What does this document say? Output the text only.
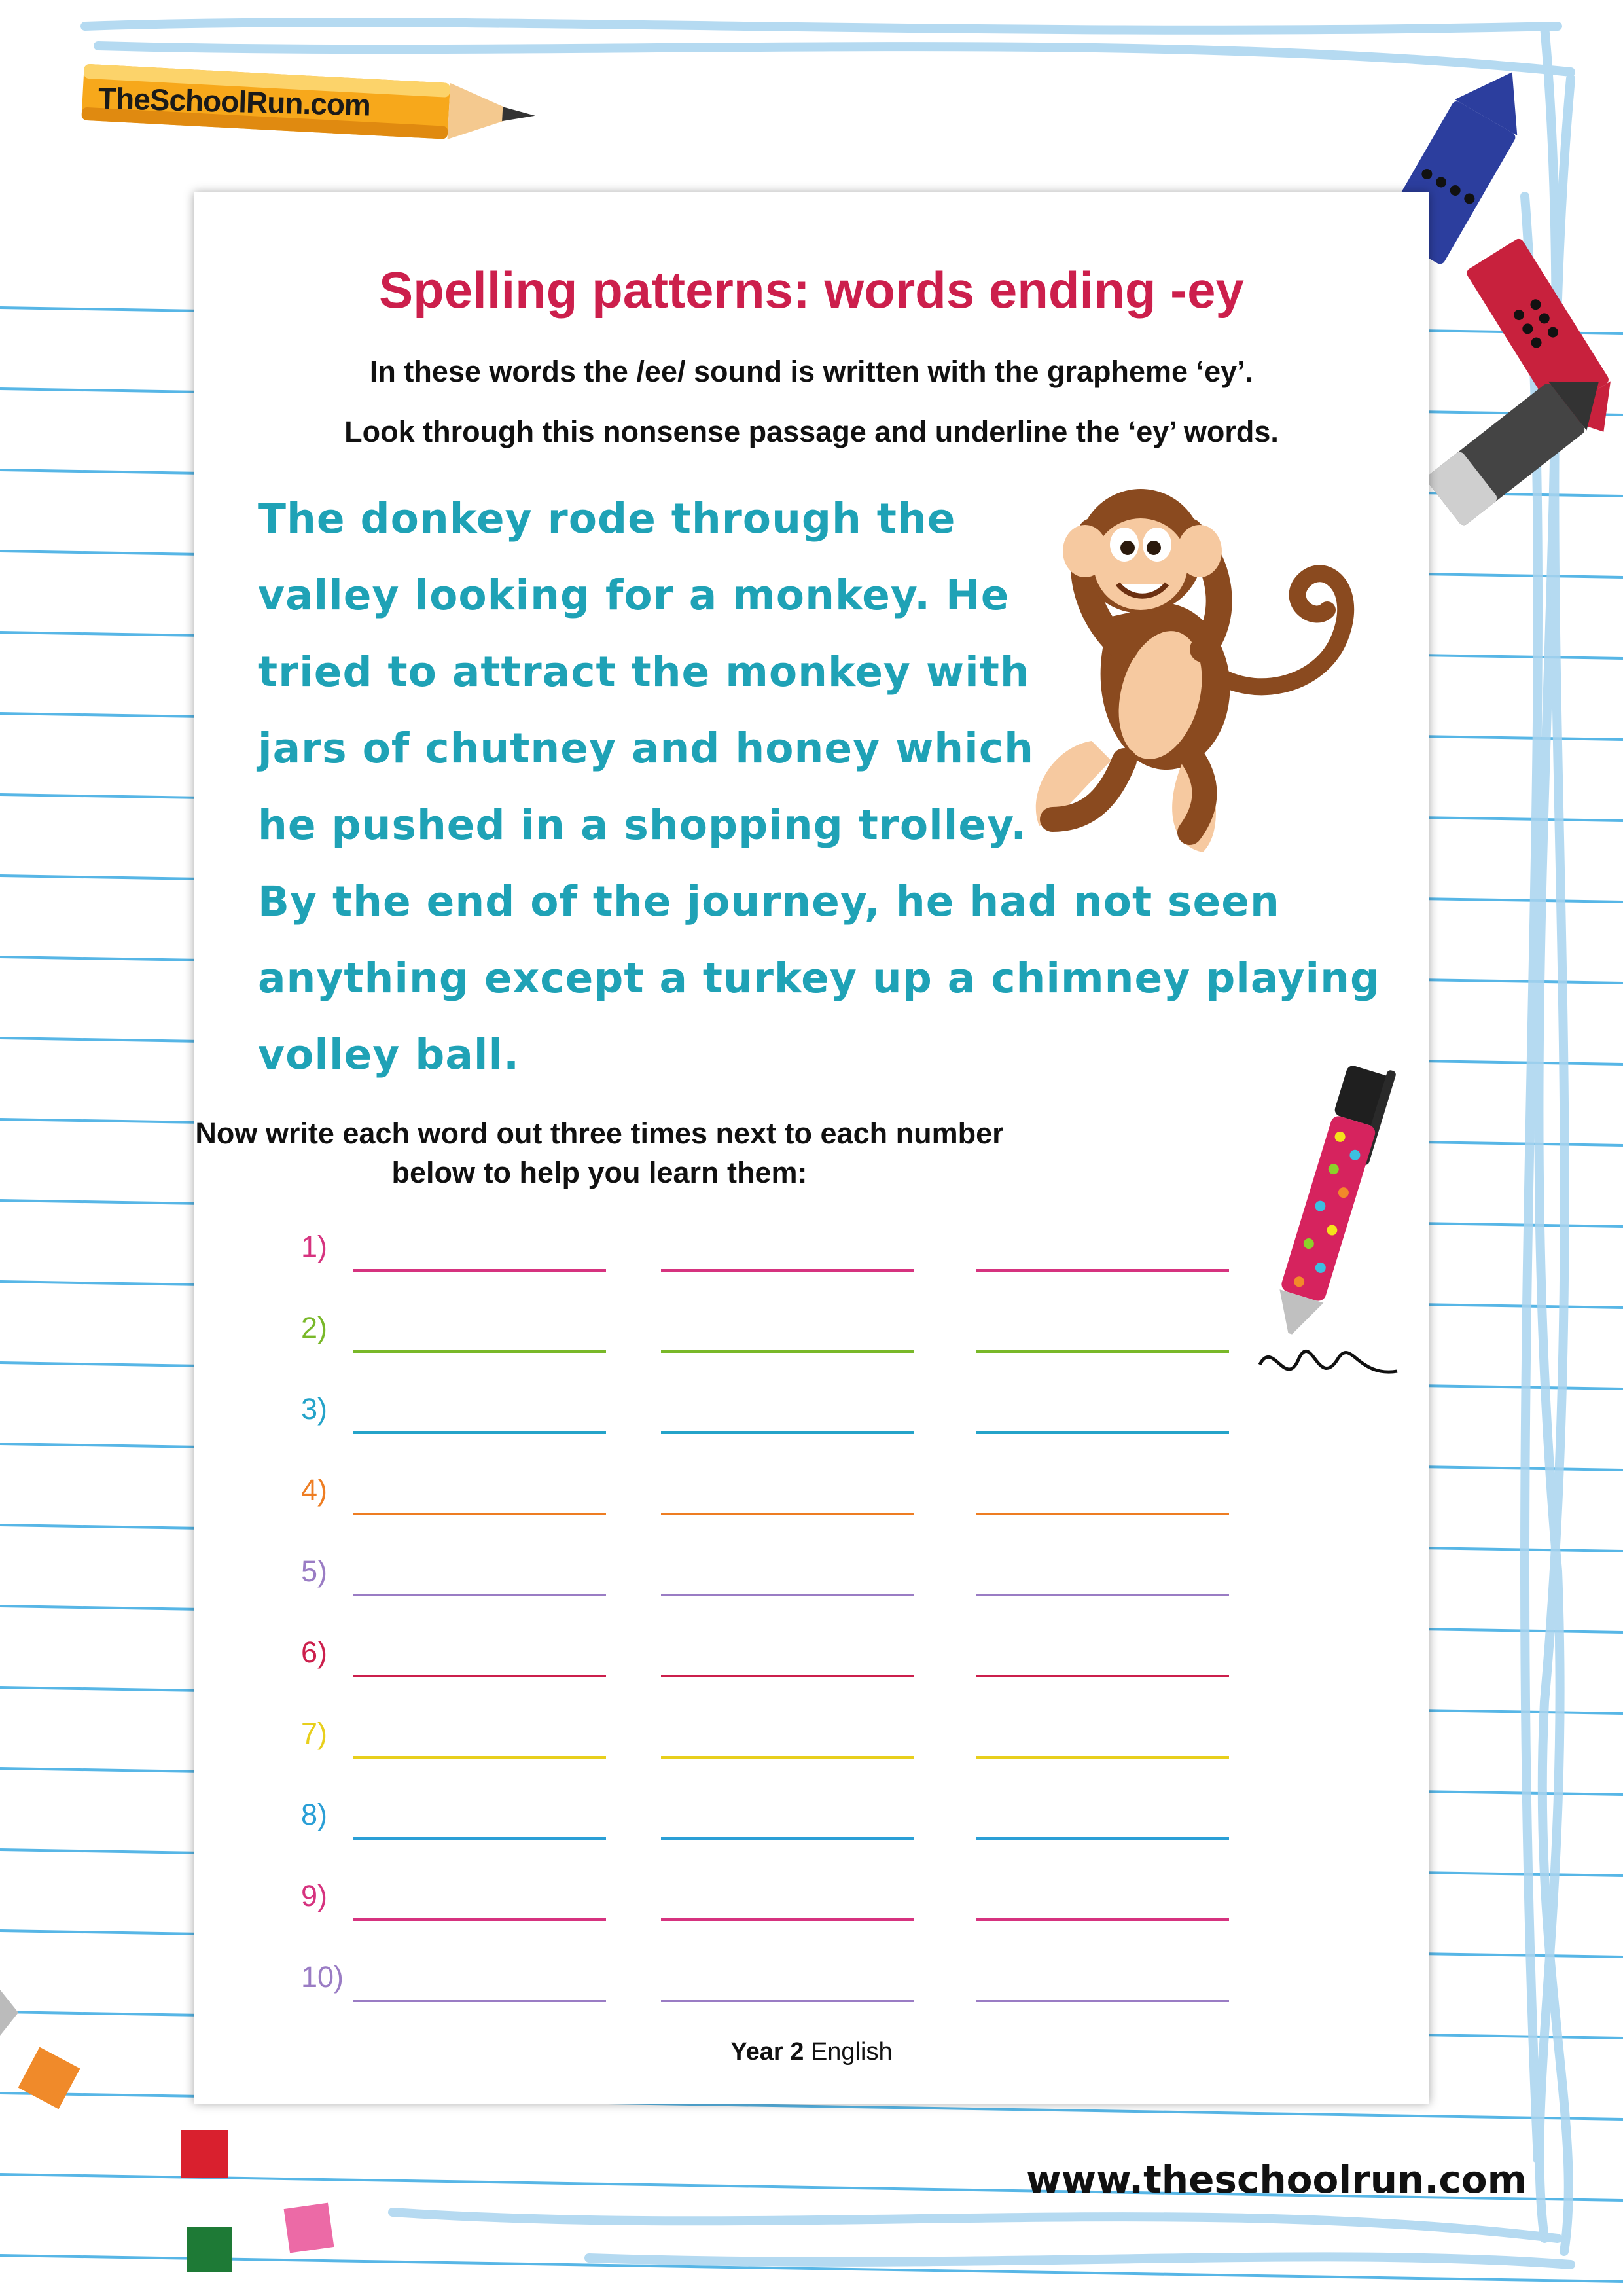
TheSchoolRun.com
Spelling patterns: words ending -ey
In these words the /ee/ sound is written with the grapheme ‘ey’.
Look through this nonsense passage and underline the ‘ey’ words.
The donkey rode through the
valley looking for a monkey. He
tried to attract the monkey with
jars of chutney and honey which
he pushed in a shopping trolley.
By the end of the journey, he had not seen
anything except a turkey up a chimney playing
volley ball.
Now write each word out three times next to each number
below to help you learn them:
1)
2)
3)
4)
5)
6)
7)
8)
9)
10)
Year 2 English
www.theschoolrun.com
